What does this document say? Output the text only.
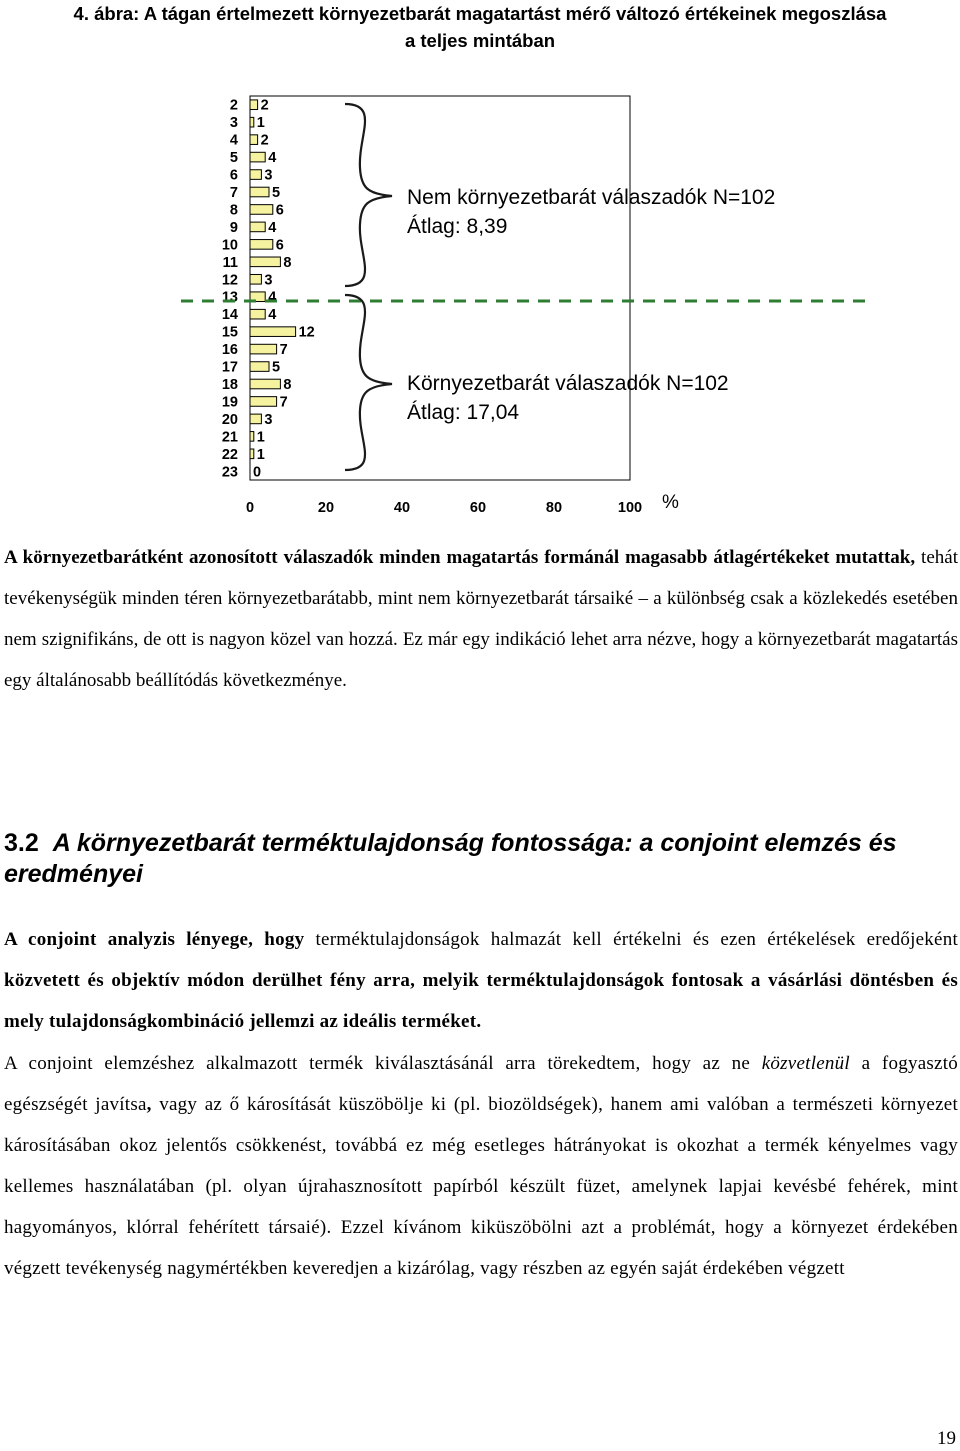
4. ábra: A tágan értelmezett környezetbarát magatartást mérő változó értékeinek megoszlása
a teljes mintában
2
3
4
5
6
7
8
9
10
11
12
13
14
15
16
17
18
19
20
21
22
23
2
1
2
4
3
5
6
4
6
8
3
4
4
12
7
5
8
7
3
1
1
0
0	20	40	60	80	100
Nem környezetbarát válaszadók N=102
Átlag: 8,39
Környezetbarát válaszadók N=102
Átlag: 17,04
%

A környezetbarátként azonosított válaszadók minden magatartás formánál magasabb átlagértékeket mutattak, tehát tevékenységük minden téren környezetbarátabb, mint nem környezetbarát társaiké – a különbség csak a közlekedés esetében nem szignifikáns, de ott is nagyon közel van hozzá. Ez már egy indikáció lehet arra nézve, hogy a környezetbarát magatartás egy általánosabb beállítódás következménye.

3.2 A környezetbarát terméktulajdonság fontossága: a conjoint elemzés és eredményei

A conjoint analyzis lényege, hogy terméktulajdonságok halmazát kell értékelni és ezen értékelések eredőjeként közvetett és objektív módon derülhet fény arra, melyik terméktulajdonságok fontosak a vásárlási döntésben és mely tulajdonságkombináció jellemzi az ideális terméket.

A conjoint elemzéshez alkalmazott termék kiválasztásánál arra törekedtem, hogy az ne közvetlenül a fogyasztó egészségét javítsa, vagy az ő károsítását küszöbölje ki (pl. biozöldségek), hanem ami valóban a természeti környezet károsításában okoz jelentős csökkenést, továbbá ez még esetleges hátrányokat is okozhat a termék kényelmes vagy kellemes használatában (pl. olyan újrahasznosított papírból készült füzet, amelynek lapjai kevésbé fehérek, mint hagyományos, klórral fehérített társaié). Ezzel kívánom kiküszöbölni azt a problémát, hogy a környezet érdekében végzett tevékenység nagymértékben keveredjen a kizárólag, vagy részben az egyén saját érdekében végzett

19
